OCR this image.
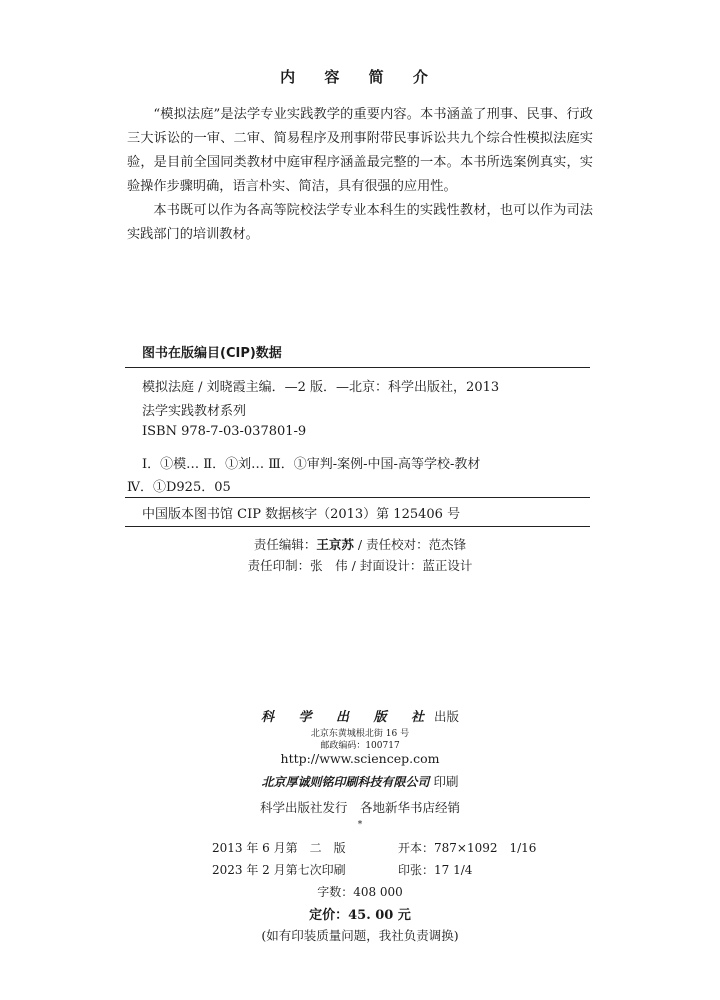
内 容 简 介

“模拟法庭”是法学专业实践教学的重要内容。本书涵盖了刑事、民事、行政三大诉讼的一审、二审、简易程序及刑事附带民事诉讼共九个综合性模拟法庭实验，是目前全国同类教材中庭审程序涵盖最完整的一本。本书所选案例真实，实验操作步骤明确，语言朴实、简洁，具有很强的应用性。

本书既可以作为各高等院校法学专业本科生的实践性教材，也可以作为司法实践部门的培训教材。

图书在版编目(CIP)数据
模拟法庭 / 刘晓霞主编．—2 版．—北京：科学出版社，2013
法学实践教材系列
ISBN 978-7-03-037801-9
Ⅰ．①模… Ⅱ．①刘… Ⅲ．①审判-案例-中国-高等学校-教材
Ⅳ．①D925．05
中国版本图书馆 CIP 数据核字（2013）第 125406 号
责任编辑：王京苏 / 责任校对：范杰锋
责任印制：张　伟 / 封面设计：蓝正设计
科 学 出 版 社出版
北京东黄城根北街 16 号
邮政编码：100717
http://www.sciencep.com
北京厚诚则铭印刷科技有限公司 印刷
科学出版社发行　各地新华书店经销
*
2013 年 6 月第　二　版	开本：787×1092　1/16
2023 年 2 月第七次印刷	印张：17 1/4
字数：408 000
定价：45. 00 元
(如有印装质量问题，我社负责调换)
